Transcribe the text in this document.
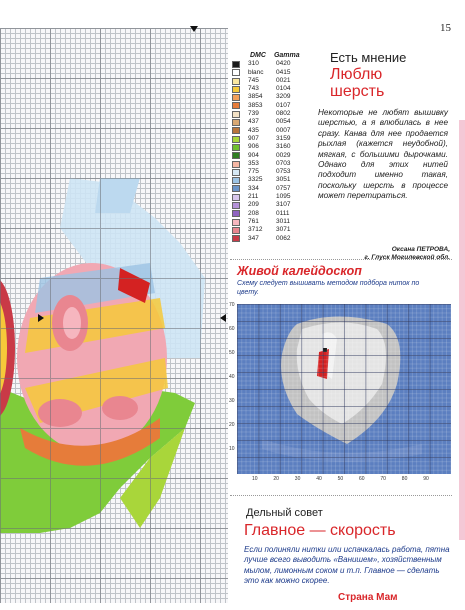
15
DMC Gamma
310	0420
blanc	0415
745	0021
743	0104
3854	3209
3853	0107
739	0802
437	0054
435	0007
907	3159
906	3160
904	0029
353	0703
775	0753
3325	3051
334	0757
211	1095
209	3107
208	0111
761	3011
3712	3071
347	0062
Есть мнение
Люблю
шерсть
Некоторые не любят вышивку шерстью, а я влюбилась в нее сразу. Канва для нее продается рыхлая (кажется неудобной), мягкая, с большими дырочками. Однако для этих нитей подходит именно такая, поскольку шерсть в процессе может перетираться.
Оксана ПЕТРОВА,
г. Глуск Могилевской обл.
Живой калейдоскоп
Схему следует вышивать методом подбора ниток по цвету.
70
60
50
40
30
20
10
10	20	30	40	50	60	70	80	90
Дельный совет
Главное — скорость
Если полиняли нитки или испачкалась работа, пятна лучше всего выводить «Ванишем», хозяйственным мылом, лимонным соком и т.п. Главное — сделать это как можно скорее.
Страна Мам
